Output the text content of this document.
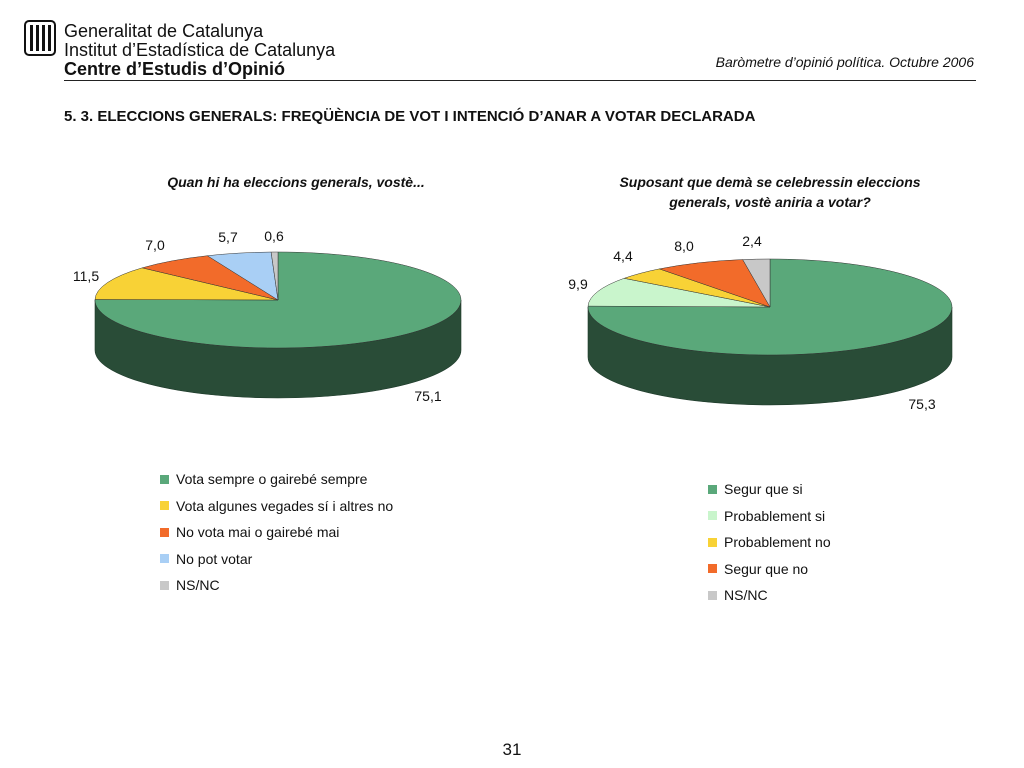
Generalitat de Catalunya
Institut d’Estadística de Catalunya
Centre d’Estudis d’Opinió	Baròmetre d’opinió política. Octubre 2006
5. 3. ELECCIONS GENERALS: FREQÜÈNCIA DE VOT I INTENCIÓ D’ANAR A VOTAR DECLARADA
Quan hi ha eleccions generals, vostè...	Suposant que demà se celebressin eleccions
generals, vostè aniria a votar?
75,1
11,5
7,0	5,7 0,6
75,3
9,9
4,4
8,0	2,4
Vota sempre o gairebé sempre
Vota algunes vegades sí i altres no
No vota mai o gairebé mai
No pot votar
NS/NC
Segur que si
Probablement si
Probablement no
Segur que no
NS/NC
31
